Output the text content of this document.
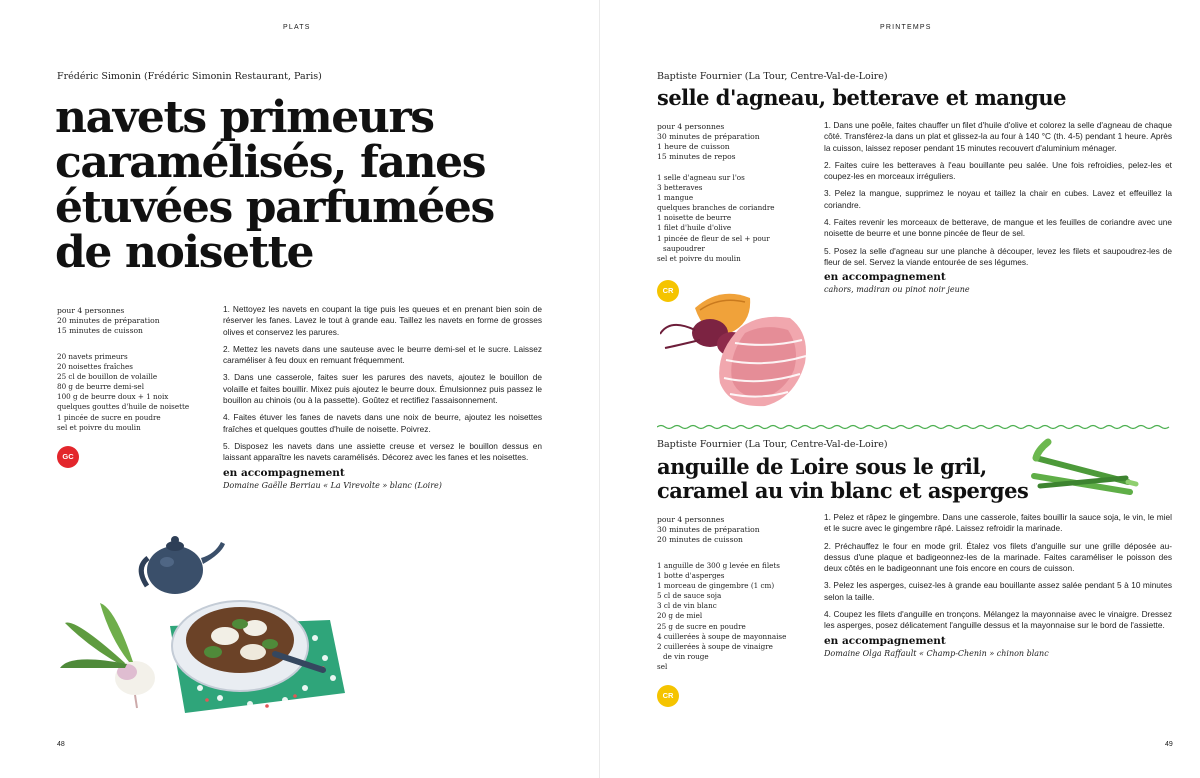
PLATS
Frédéric Simonin (Frédéric Simonin Restaurant, Paris)
navets primeurs
caramélisés, fanes
étuvées parfumées
de noisette
pour 4 personnes
20 minutes de préparation
15 minutes de cuisson
20 navets primeurs
20 noisettes fraîches
25 cl de bouillon de volaille
80 g de beurre demi-sel
100 g de beurre doux + 1 noix
quelques gouttes d'huile de noisette
1 pincée de sucre en poudre
sel et poivre du moulin
GC

1. Nettoyez les navets en coupant la tige puis les queues et en prenant bien soin de réserver les fanes. Lavez le tout à grande eau. Taillez les navets en forme de grosses olives et conservez les parures.

2. Mettez les navets dans une sauteuse avec le beurre demi-sel et le sucre. Laissez caraméliser à feu doux en remuant fréquemment.

3. Dans une casserole, faites suer les parures des navets, ajoutez le bouillon de volaille et faites bouillir. Mixez puis ajoutez le beurre doux. Émulsionnez puis passez le bouillon au chinois (ou à la passette). Goûtez et rectifiez l'assaisonnement.

4. Faites étuver les fanes de navets dans une noix de beurre, ajoutez les noisettes fraîches et quelques gouttes d'huile de noisette. Poivrez.

5. Disposez les navets dans une assiette creuse et versez le bouillon dessus en laissant apparaître les navets caramélisés. Décorez avec les fanes et les noisettes.

en accompagnement
Domaine Gaëlle Berriau « La Virevolte » blanc (Loire)
48
PRINTEMPS
Baptiste Fournier (La Tour, Centre-Val-de-Loire)
selle d'agneau, betterave et mangue
pour 4 personnes
30 minutes de préparation
1 heure de cuisson
15 minutes de repos
1 selle d'agneau sur l'os
3 betteraves
1 mangue
quelques branches de coriandre
1 noisette de beurre
1 filet d'huile d'olive
1 pincée de fleur de sel + pour
saupoudrer
sel et poivre du moulin
CR

1. Dans une poêle, faites chauffer un filet d'huile d'olive et colorez la selle d'agneau de chaque côté. Transférez-la dans un plat et glissez-la au four à 140 °C (th. 4-5) pendant 1 heure. Après la cuisson, laissez reposer pendant 15 minutes recouvert d'aluminium ménager.

2. Faites cuire les betteraves à l'eau bouillante peu salée. Une fois refroidies, pelez-les et coupez-les en morceaux irréguliers.

3. Pelez la mangue, supprimez le noyau et taillez la chair en cubes. Lavez et effeuillez la coriandre.

4. Faites revenir les morceaux de betterave, de mangue et les feuilles de coriandre avec une noisette de beurre et une bonne pincée de fleur de sel.

5. Posez la selle d'agneau sur une planche à découper, levez les filets et saupoudrez-les de fleur de sel. Servez la viande entourée de ses légumes.

en accompagnement
cahors, madiran ou pinot noir jeune
Baptiste Fournier (La Tour, Centre-Val-de-Loire)
anguille de Loire sous le gril,
caramel au vin blanc et asperges
pour 4 personnes
30 minutes de préparation
20 minutes de cuisson
1 anguille de 300 g levée en filets
1 botte d'asperges
1 morceau de gingembre (1 cm)
5 cl de sauce soja
3 cl de vin blanc
20 g de miel
25 g de sucre en poudre
4 cuillerées à soupe de mayonnaise
2 cuillerées à soupe de vinaigre
de vin rouge
sel
CR

1. Pelez et râpez le gingembre. Dans une casserole, faites bouillir la sauce soja, le vin, le miel et le sucre avec le gingembre râpé. Laissez refroidir la marinade.

2. Préchauffez le four en mode gril. Étalez vos filets d'anguille sur une grille déposée au-dessus d'une plaque et badigeonnez-les de la marinade. Faites caraméliser le poisson des deux côtés en le badigeonnant une fois encore en cours de cuisson.

3. Pelez les asperges, cuisez-les à grande eau bouillante assez salée pendant 5 à 10 minutes selon la taille.

4. Coupez les filets d'anguille en tronçons. Mélangez la mayonnaise avec le vinaigre. Dressez les asperges, posez délicatement l'anguille dessus et la mayonnaise sur le bord de l'assiette.

en accompagnement
Domaine Olga Raffault « Champ-Chenin » chinon blanc
49
